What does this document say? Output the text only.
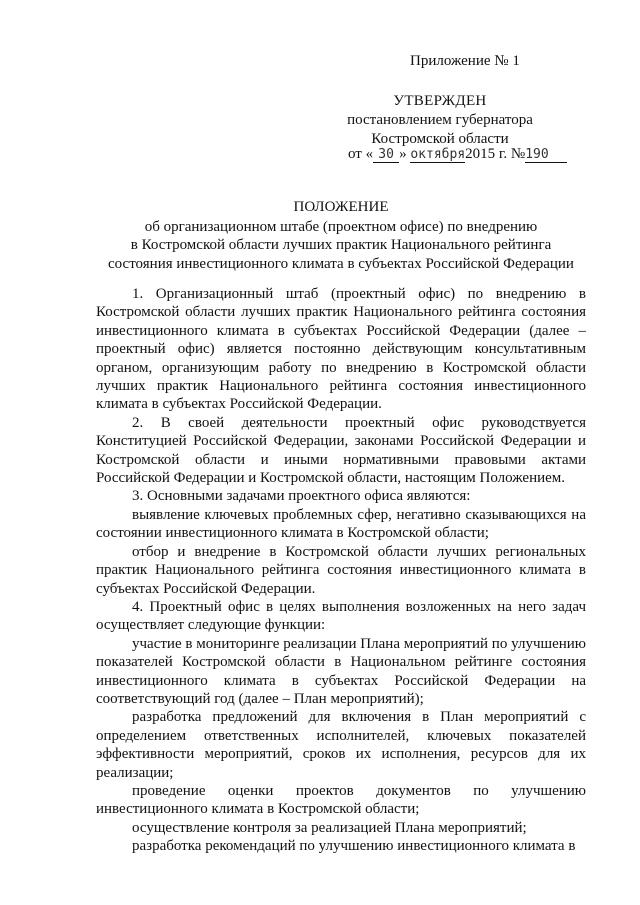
Приложение № 1
УТВЕРЖДЕН
постановлением губернатора
Костромской области
от « 30 » октября2015 г. №190
ПОЛОЖЕНИЕ
об организационном штабе (проектном офисе) по внедрению
в Костромской области лучших практик Национального рейтинга
состояния инвестиционного климата в субъектах Российской Федерации

1. Организационный штаб (проектный офис) по внедрению в Костромской области лучших практик Национального рейтинга состояния инвестиционного климата в субъектах Российской Федерации (далее – проектный офис) является постоянно действующим консультативным органом, организующим работу по внедрению в Костромской области лучших практик Национального рейтинга состояния инвестиционного климата в субъектах Российской Федерации.

2. В своей деятельности проектный офис руководствуется Конституцией Российской Федерации, законами Российской Федерации и Костромской области и иными нормативными правовыми актами Российской Федерации и Костромской области, настоящим Положением.

3. Основными задачами проектного офиса являются:

выявление ключевых проблемных сфер, негативно сказывающихся на состоянии инвестиционного климата в Костромской области;

отбор и внедрение в Костромской области лучших региональных практик Национального рейтинга состояния инвестиционного климата в субъектах Российской Федерации.

4. Проектный офис в целях выполнения возложенных на него задач осуществляет следующие функции:

участие в мониторинге реализации Плана мероприятий по улучшению показателей Костромской области в Национальном рейтинге состояния инвестиционного климата в субъектах Российской Федерации на соответствующий год (далее – План мероприятий);

разработка предложений для включения в План мероприятий с определением ответственных исполнителей, ключевых показателей эффективности мероприятий, сроков их исполнения, ресурсов для их реализации;

проведение оценки проектов документов по улучшению инвестиционного климата в Костромской области;

осуществление контроля за реализацией Плана мероприятий;

разработка рекомендаций по улучшению инвестиционного климата в
